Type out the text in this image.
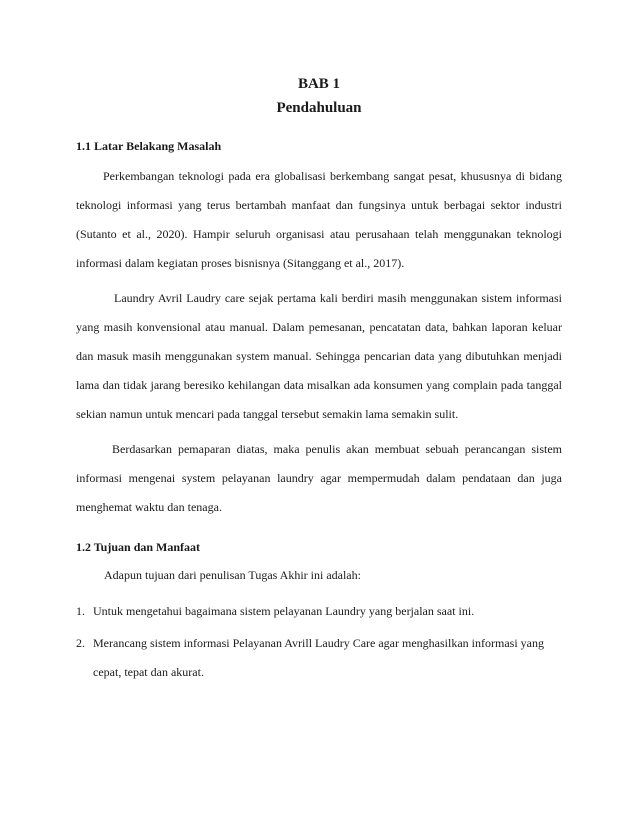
BAB 1
Pendahuluan
1.1 Latar Belakang Masalah

Perkembangan teknologi pada era globalisasi berkembang sangat pesat, khususnya di bidang teknologi informasi yang terus bertambah manfaat dan fungsinya untuk berbagai sektor industri (Sutanto et al., 2020). Hampir seluruh organisasi atau perusahaan telah menggunakan teknologi informasi dalam kegiatan proses bisnisnya (Sitanggang et al., 2017).

Laundry Avril Laudry care sejak pertama kali berdiri masih menggunakan sistem informasi yang masih konvensional atau manual. Dalam pemesanan, pencatatan data, bahkan laporan keluar dan masuk masih menggunakan system manual. Sehingga pencarian data yang dibutuhkan menjadi lama dan tidak jarang beresiko kehilangan data misalkan ada konsumen yang complain pada tanggal sekian namun untuk mencari pada tanggal tersebut semakin lama semakin sulit.

Berdasarkan pemaparan diatas, maka penulis akan membuat sebuah perancangan sistem informasi mengenai system pelayanan laundry agar mempermudah dalam pendataan dan juga menghemat waktu dan tenaga.

1.2 Tujuan dan Manfaat

Adapun tujuan dari penulisan Tugas Akhir ini adalah:

1. Untuk mengetahui bagaimana sistem pelayanan Laundry yang berjalan saat ini.
2. Merancang sistem informasi Pelayanan Avrill Laudry Care agar menghasilkan informasi yang cepat, tepat dan akurat.
